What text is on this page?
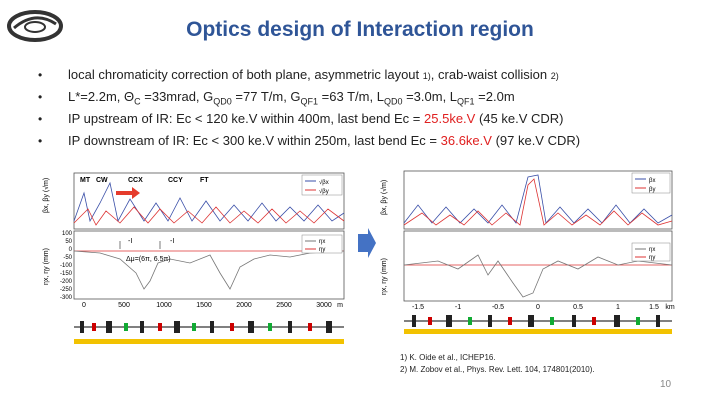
Optics design of Interaction region
• local chromaticity correction of both plane, asymmetric layout 1), crab-waist collision 2)
• L*=2.2m, $\Theta_C$ =33mrad, $G_{QD0} =77$ T/m, $G_{QF1} =63$ T/m, $L_{QD0} =3.0m$, $L_{QF1} =2.0m$
• IP upstream of IR: Ec < 120 ke.V within 400m, last bend Ec = 25.5ke.V (45 ke.V CDR)
• IP downstream of IR: Ec < 300 ke.V within 250m, last bend Ec = 36.6ke.V (97 ke.V CDR)
βx, βy (√m)	MT CW	CCX	CCY FT	√βx
√βy
ηx, ηy (mm)
100
50
0
-50
-100
-150
-200
-250
-300
-I	-I
Δμ=(6π, 6.5π)
ηx
ηy
0	500	1000	1500	2000	2500	3000 m
βx, βy (√m)	βx
βy
ηx, ηy (mm)
ηx
ηy
-1.5	-1	-0.5	0	0.5	1	1.5 km
1) K. Oide et al., ICHEP16.
2) M. Zobov et al., Phys. Rev. Lett. 104, 174801(2010).
10
